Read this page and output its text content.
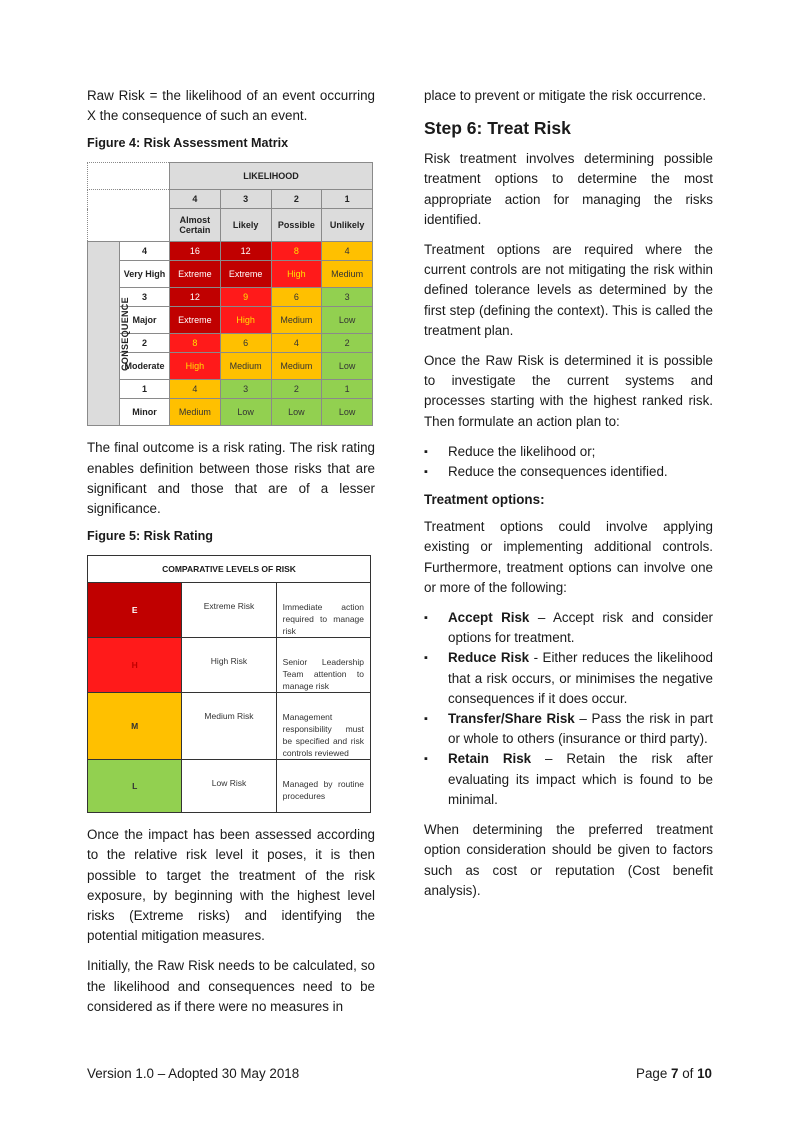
Raw Risk = the likelihood of an event occurring X the consequence of such an event.

Figure 4: Risk Assessment Matrix
		LIKELIHOOD			
		4	3	2	1
		Almost Certain	Likely	Possible	Unlikely
CONSEQUENCE	4	16	12	8	4
	Very High	Extreme	Extreme	High	Medium
	3	12	9	6	3
	Major	Extreme	High	Medium	Low
	2	8	6	4	2
	Moderate	High	Medium	Medium	Low
	1	4	3	2	1
	Minor	Medium	Low	Low	Low

The final outcome is a risk rating. The risk rating enables definition between those risks that are significant and those that are of a lesser significance.

Figure 5: Risk Rating
COMPARATIVE LEVELS OF RISK		
E	Extreme Risk	Immediate action required to manage risk
H	High Risk	Senior Leadership Team attention to manage risk
M	Medium Risk	Management responsibility must be specified and risk controls reviewed
L	Low Risk	Managed by routine procedures

Once the impact has been assessed according to the relative risk level it poses, it is then possible to target the treatment of the risk exposure, by beginning with the highest level risks (Extreme risks) and identifying the potential mitigation measures.

Initially, the Raw Risk needs to be calculated, so the likelihood and consequences need to be considered as if there were no measures in

place to prevent or mitigate the risk occurrence.

Step 6: Treat Risk

Risk treatment involves determining possible treatment options to determine the most appropriate action for managing the risks identified.

Treatment options are required where the current controls are not mitigating the risk within defined tolerance levels as determined by the first step (defining the context). This is called the treatment plan.

Once the Raw Risk is determined it is possible to investigate the current systems and processes starting with the highest ranked risk. Then formulate an action plan to:

▪ Reduce the likelihood or;
▪ Reduce the consequences identified.
Treatment options:

Treatment options could involve applying existing or implementing additional controls. Furthermore, treatment options can involve one or more of the following:

▪ Accept Risk – Accept risk and consider options for treatment.
▪ Reduce Risk - Either reduces the likelihood that a risk occurs, or minimises the negative consequences if it does occur.
▪ Transfer/Share Risk – Pass the risk in part or whole to others (insurance or third party).
▪ Retain Risk – Retain the risk after evaluating its impact which is found to be minimal.

When determining the preferred treatment option consideration should be given to factors such as cost or reputation (Cost benefit analysis).

Version 1.0 – Adopted 30 May 2018	Page 7 of 10
